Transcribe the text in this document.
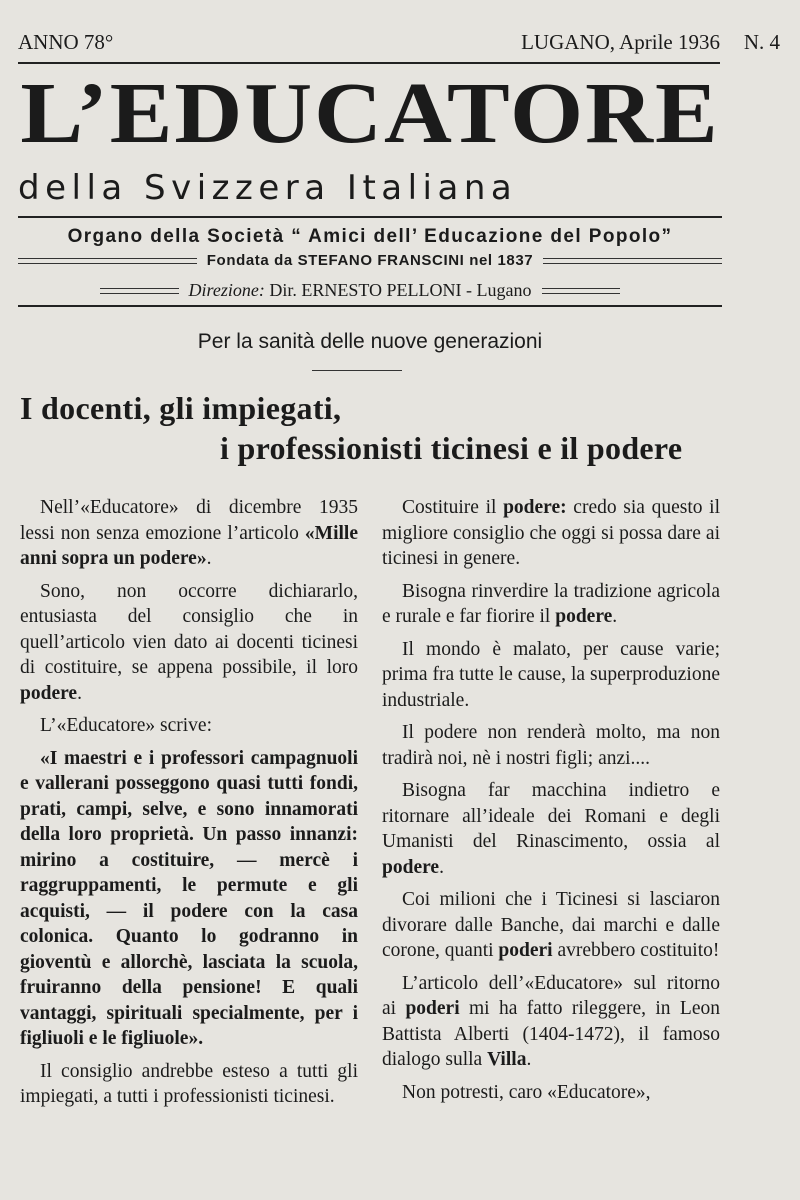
ANNO 78°	LUGANO, Aprile 1936 N. 4
L’EDUCATORE
della Svizzera Italiana
Organo della Società “ Amici dell’ Educazione del Popolo”
Fondata da STEFANO FRANSCINI nel 1837
Direzione: Dir. ERNESTO PELLONI - Lugano
Per la sanità delle nuove generazioni
I docenti, gli impiegati,
i professionisti ticinesi e il podere

Nell’«Educatore» di dicembre 1935 lessi non senza emozione l’articolo «Mille anni sopra un podere».

Sono, non occorre dichiararlo, entusiasta del consiglio che in quell’articolo vien dato ai docenti ticinesi di costituire, se appena possibile, il loro podere.

L’«Educatore» scrive:

«I maestri e i professori campagnuoli e vallerani posseggono quasi tutti fondi, prati, campi, selve, e sono innamorati della loro proprietà. Un passo innanzi: mirino a costituire, — mercè i raggruppamenti, le permute e gli acquisti, — il podere con la casa colonica. Quanto lo godranno in gioventù e allorchè, lasciata la scuola, fruiranno della pensione! E quali vantaggi, spirituali specialmente, per i figliuoli e le figliuole».

Il consiglio andrebbe esteso a tutti gli impiegati, a tutti i professionisti ticinesi.

Costituire il podere: credo sia questo il migliore consiglio che oggi si possa dare ai ticinesi in genere.

Bisogna rinverdire la tradizione agricola e rurale e far fiorire il podere.

Il mondo è malato, per cause varie; prima fra tutte le cause, la superproduzione industriale.

Il podere non renderà molto, ma non tradirà noi, nè i nostri figli; anzi....

Bisogna far macchina indietro e ritornare all’ideale dei Romani e degli Umanisti del Rinascimento, ossia al podere.

Coi milioni che i Ticinesi si lasciaron divorare dalle Banche, dai marchi e dalle corone, quanti poderi avrebbero costituito!

L’articolo dell’«Educatore» sul ritorno ai poderi mi ha fatto rileggere, in Leon Battista Alberti (1404-1472), il famoso dialogo sulla Villa.

Non potresti, caro «Educatore»,
